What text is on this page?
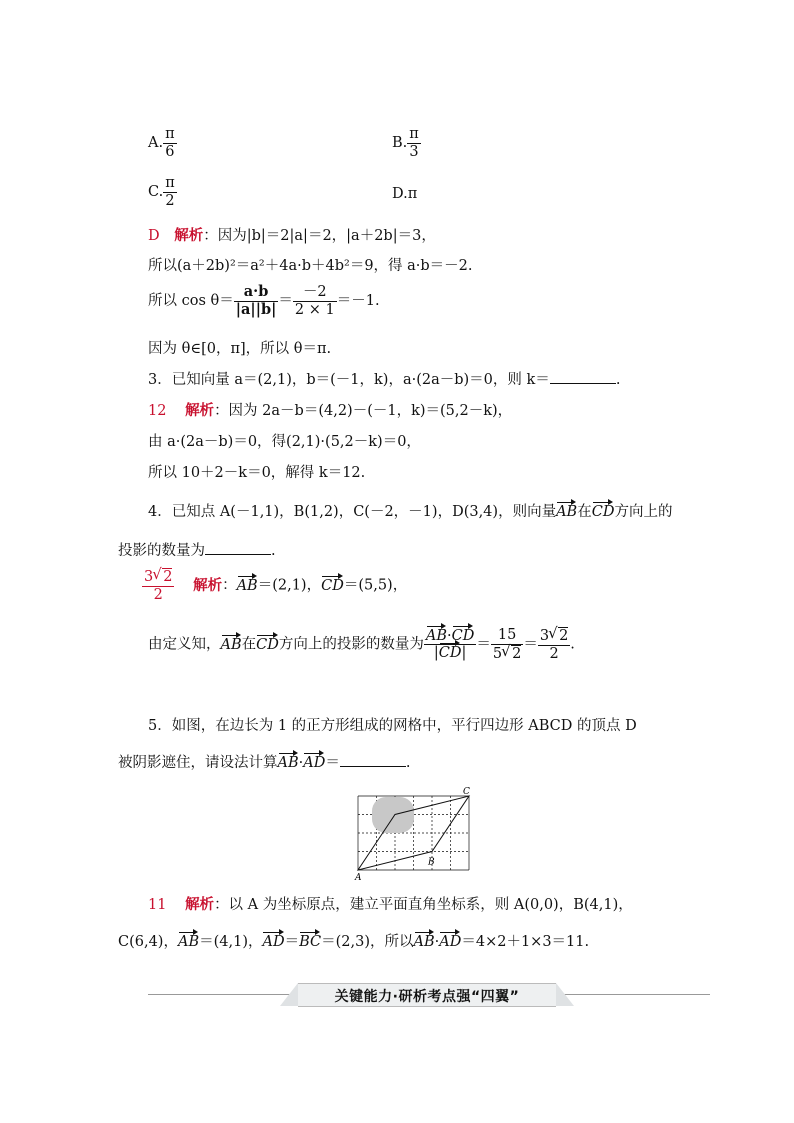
A. $\frac{\pi}{6}$	B. $\frac{\pi}{3}$
C. $\frac{\pi}{2}$	D.π
D 解析：因为|b|＝2|a|＝2，|a＋2b|＝3，
所以(a＋2b)²＝a²＋4a·b＋4b²＝9，得 a·b＝－2.
所以 $\cos \theta= \frac{a\cdot b}{|a||b|} = \frac{-2}{2 \times 1} =-1$.
因为 θ∈[0，π]，所以 θ＝π.
3．已知向量 a＝(2,1)，b＝(－1，k)，a·(2a－b)＝0，则 k＝	.
12 解析：因为 2a－b＝(4,2)－(－1，k)＝(5,2－k)，
由 a·(2a－b)＝0，得(2,1)·(5,2－k)＝0，
所以 10＋2－k＝0，解得 k＝12.
4．已知点 A(－1,1)，B(1,2)，C(－2，－1)，D(3,4)，则向量AB在CD方向上的
投影的数量为	.
$\frac{3 √ 2}{2}$ 解析：AB＝(2,1)，CD＝(5,5)，
由定义知，AB在CD方向上的投影的数量为 $\frac{AB\cdot CD}{|CD|} = \frac{15}{5 √ 2} = \frac{3 √ 2}{2}$ .
5．如图，在边长为 1 的正方形组成的网格中，平行四边形 ABCD 的顶点 D
被阴影遮住，请设法计算AB·AD＝	.
A
B
C
11 解析：以 A 为坐标原点，建立平面直角坐标系，则 A(0,0)，B(4,1)，
C(6,4)，AB＝(4,1)，AD＝BC＝(2,3)，所以AB·AD＝4×2＋1×3＝11.
关键能力·研析考点强“四翼”
